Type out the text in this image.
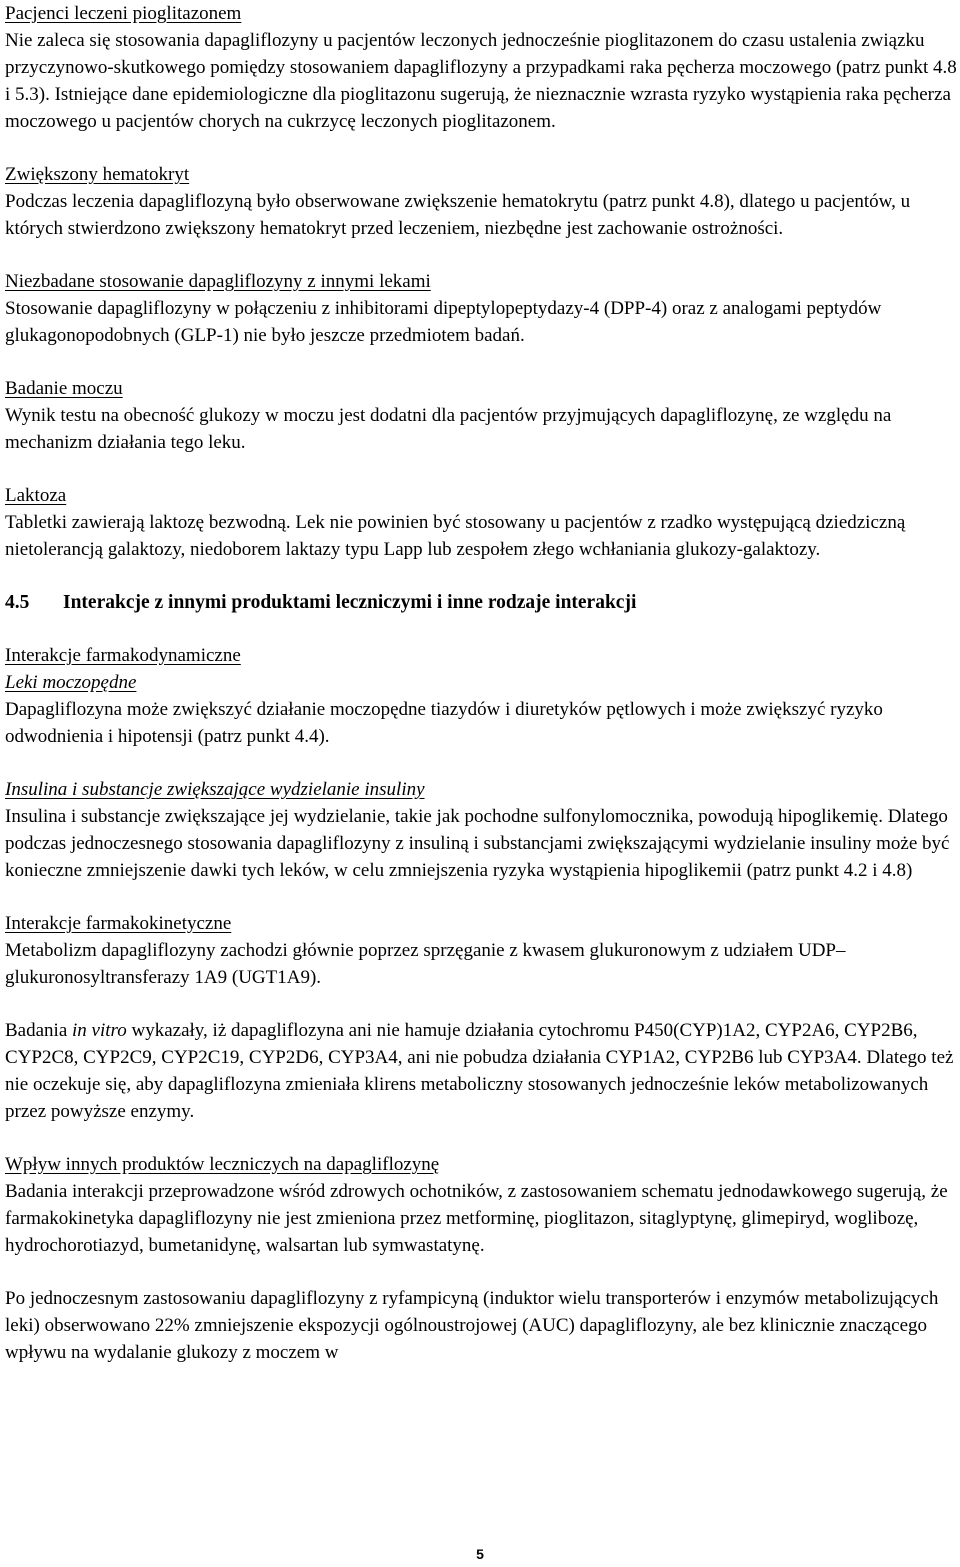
Pacjenci leczeni pioglitazonem

Nie zaleca się stosowania dapagliflozyny u pacjentów leczonych jednocześnie pioglitazonem do czasu ustalenia związku przyczynowo-skutkowego pomiędzy stosowaniem dapagliflozyny a przypadkami raka pęcherza moczowego (patrz punkt 4.8 i 5.3). Istniejące dane epidemiologiczne dla pioglitazonu sugerują, że nieznacznie wzrasta ryzyko wystąpienia raka pęcherza moczowego u pacjentów chorych na cukrzycę leczonych pioglitazonem.

Zwiększony hematokryt

Podczas leczenia dapagliflozyną było obserwowane zwiększenie hematokrytu (patrz punkt 4.8), dlatego u pacjentów, u których stwierdzono zwiększony hematokryt przed leczeniem, niezbędne jest zachowanie ostrożności.

Niezbadane stosowanie dapagliflozyny z innymi lekami

Stosowanie dapagliflozyny w połączeniu z inhibitorami dipeptylopeptydazy-4 (DPP-4) oraz z analogami peptydów glukagonopodobnych (GLP-1) nie było jeszcze przedmiotem badań.

Badanie moczu

Wynik testu na obecność glukozy w moczu jest dodatni dla pacjentów przyjmujących dapagliflozynę, ze względu na mechanizm działania tego leku.

Laktoza

Tabletki zawierają laktozę bezwodną. Lek nie powinien być stosowany u pacjentów z rzadko występującą dziedziczną nietolerancją galaktozy, niedoborem laktazy typu Lapp lub zespołem złego wchłaniania glukozy-galaktozy.

4.5 Interakcje z innymi produktami leczniczymi i inne rodzaje interakcji
Interakcje farmakodynamiczne
Leki moczopędne

Dapagliflozyna może zwiększyć działanie moczopędne tiazydów i diuretyków pętlowych i może zwiększyć ryzyko odwodnienia i hipotensji (patrz punkt 4.4).

Insulina i substancje zwiększające wydzielanie insuliny

Insulina i substancje zwiększające jej wydzielanie, takie jak pochodne sulfonylomocznika, powodują hipoglikemię. Dlatego podczas jednoczesnego stosowania dapagliflozyny z insuliną i substancjami zwiększającymi wydzielanie insuliny może być konieczne zmniejszenie dawki tych leków, w celu zmniejszenia ryzyka wystąpienia hipoglikemii (patrz punkt 4.2 i 4.8)

Interakcje farmakokinetyczne

Metabolizm dapagliflozyny zachodzi głównie poprzez sprzęganie z kwasem glukuronowym z udziałem UDP–glukuronosyltransferazy 1A9 (UGT1A9).

Badania in vitro wykazały, iż dapagliflozyna ani nie hamuje działania cytochromu P450(CYP)1A2, CYP2A6, CYP2B6, CYP2C8, CYP2C9, CYP2C19, CYP2D6, CYP3A4, ani nie pobudza działania CYP1A2, CYP2B6 lub CYP3A4. Dlatego też nie oczekuje się, aby dapagliflozyna zmieniała klirens metaboliczny stosowanych jednocześnie leków metabolizowanych przez powyższe enzymy.

Wpływ innych produktów leczniczych na dapagliflozynę

Badania interakcji przeprowadzone wśród zdrowych ochotników, z zastosowaniem schematu jednodawkowego sugerują, że farmakokinetyka dapagliflozyny nie jest zmieniona przez metforminę, pioglitazon, sitaglyptynę, glimepiryd, woglibozę, hydrochorotiazyd, bumetanidynę, walsartan lub symwastatynę.

Po jednoczesnym zastosowaniu dapagliflozyny z ryfampicyną (induktor wielu transporterów i enzymów metabolizujących leki) obserwowano 22% zmniejszenie ekspozycji ogólnoustrojowej (AUC) dapagliflozyny, ale bez klinicznie znaczącego wpływu na wydalanie glukozy z moczem w

5
